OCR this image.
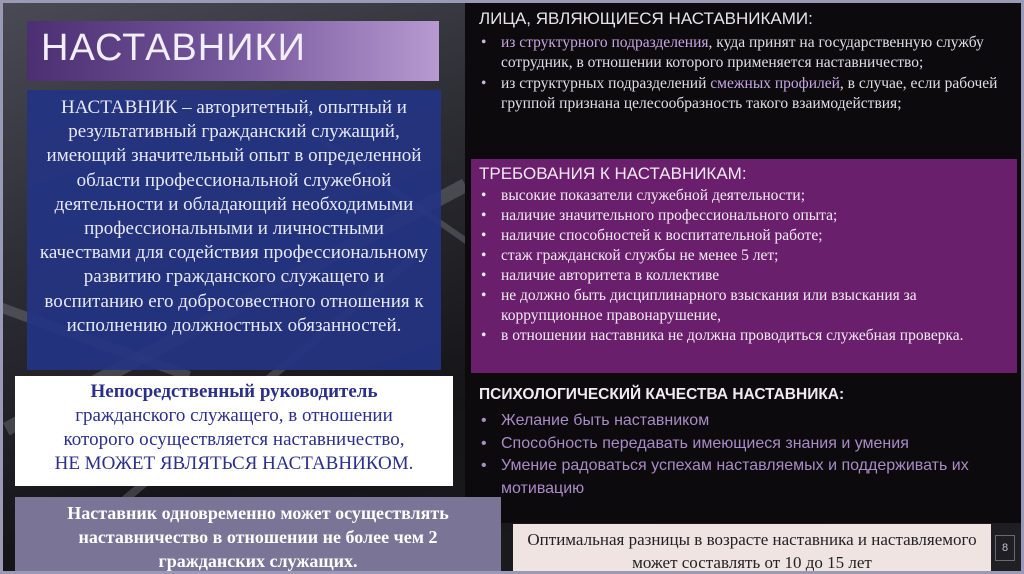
НАСТАВНИКИ
НАСТАВНИК – авторитетный, опытный и результативный гражданский служащий, имеющий значительный опыт в определенной области профессиональной служебной деятельности и обладающий необходимыми профессиональными и личностными качествами для содействия профессиональному развитию гражданского служащего и воспитанию его добросовестного отношения к исполнению должностных обязанностей.
Непосредственный руководитель
гражданского служащего, в отношении
которого осуществляется наставничество,
НЕ МОЖЕТ ЯВЛЯТЬСЯ НАСТАВНИКОМ.
Наставник одновременно может осуществлять наставничество в отношении не более чем 2 гражданских служащих.
ЛИЦА, ЯВЛЯЮЩИЕСЯ НАСТАВНИКАМИ:
• из структурного подразделения, куда принят на государственную службу сотрудник, в отношении которого применяется наставничество;
• из структурных подразделений смежных профилей, в случае, если рабочей группой признана целесообразность такого взаимодействия;
ТРЕБОВАНИЯ К НАСТАВНИКАМ:
• высокие показатели служебной деятельности;
• наличие значительного профессионального опыта;
• наличие способностей к воспитательной работе;
• стаж гражданской службы не менее 5 лет;
• наличие авторитета в коллективе
• не должно быть дисциплинарного взыскания или взыскания за коррупционное правонарушение,
• в отношении наставника не должна проводиться служебная проверка.
ПСИХОЛОГИЧЕСКИЙ КАЧЕСТВА НАСТАВНИКА:
• Желание быть наставником
• Способность передавать имеющиеся знания и умения
• Умение радоваться успехам наставляемых и поддерживать их мотивацию
Оптимальная разницы в возрасте наставника и наставляемого может составлять от 10 до 15 лет
8
